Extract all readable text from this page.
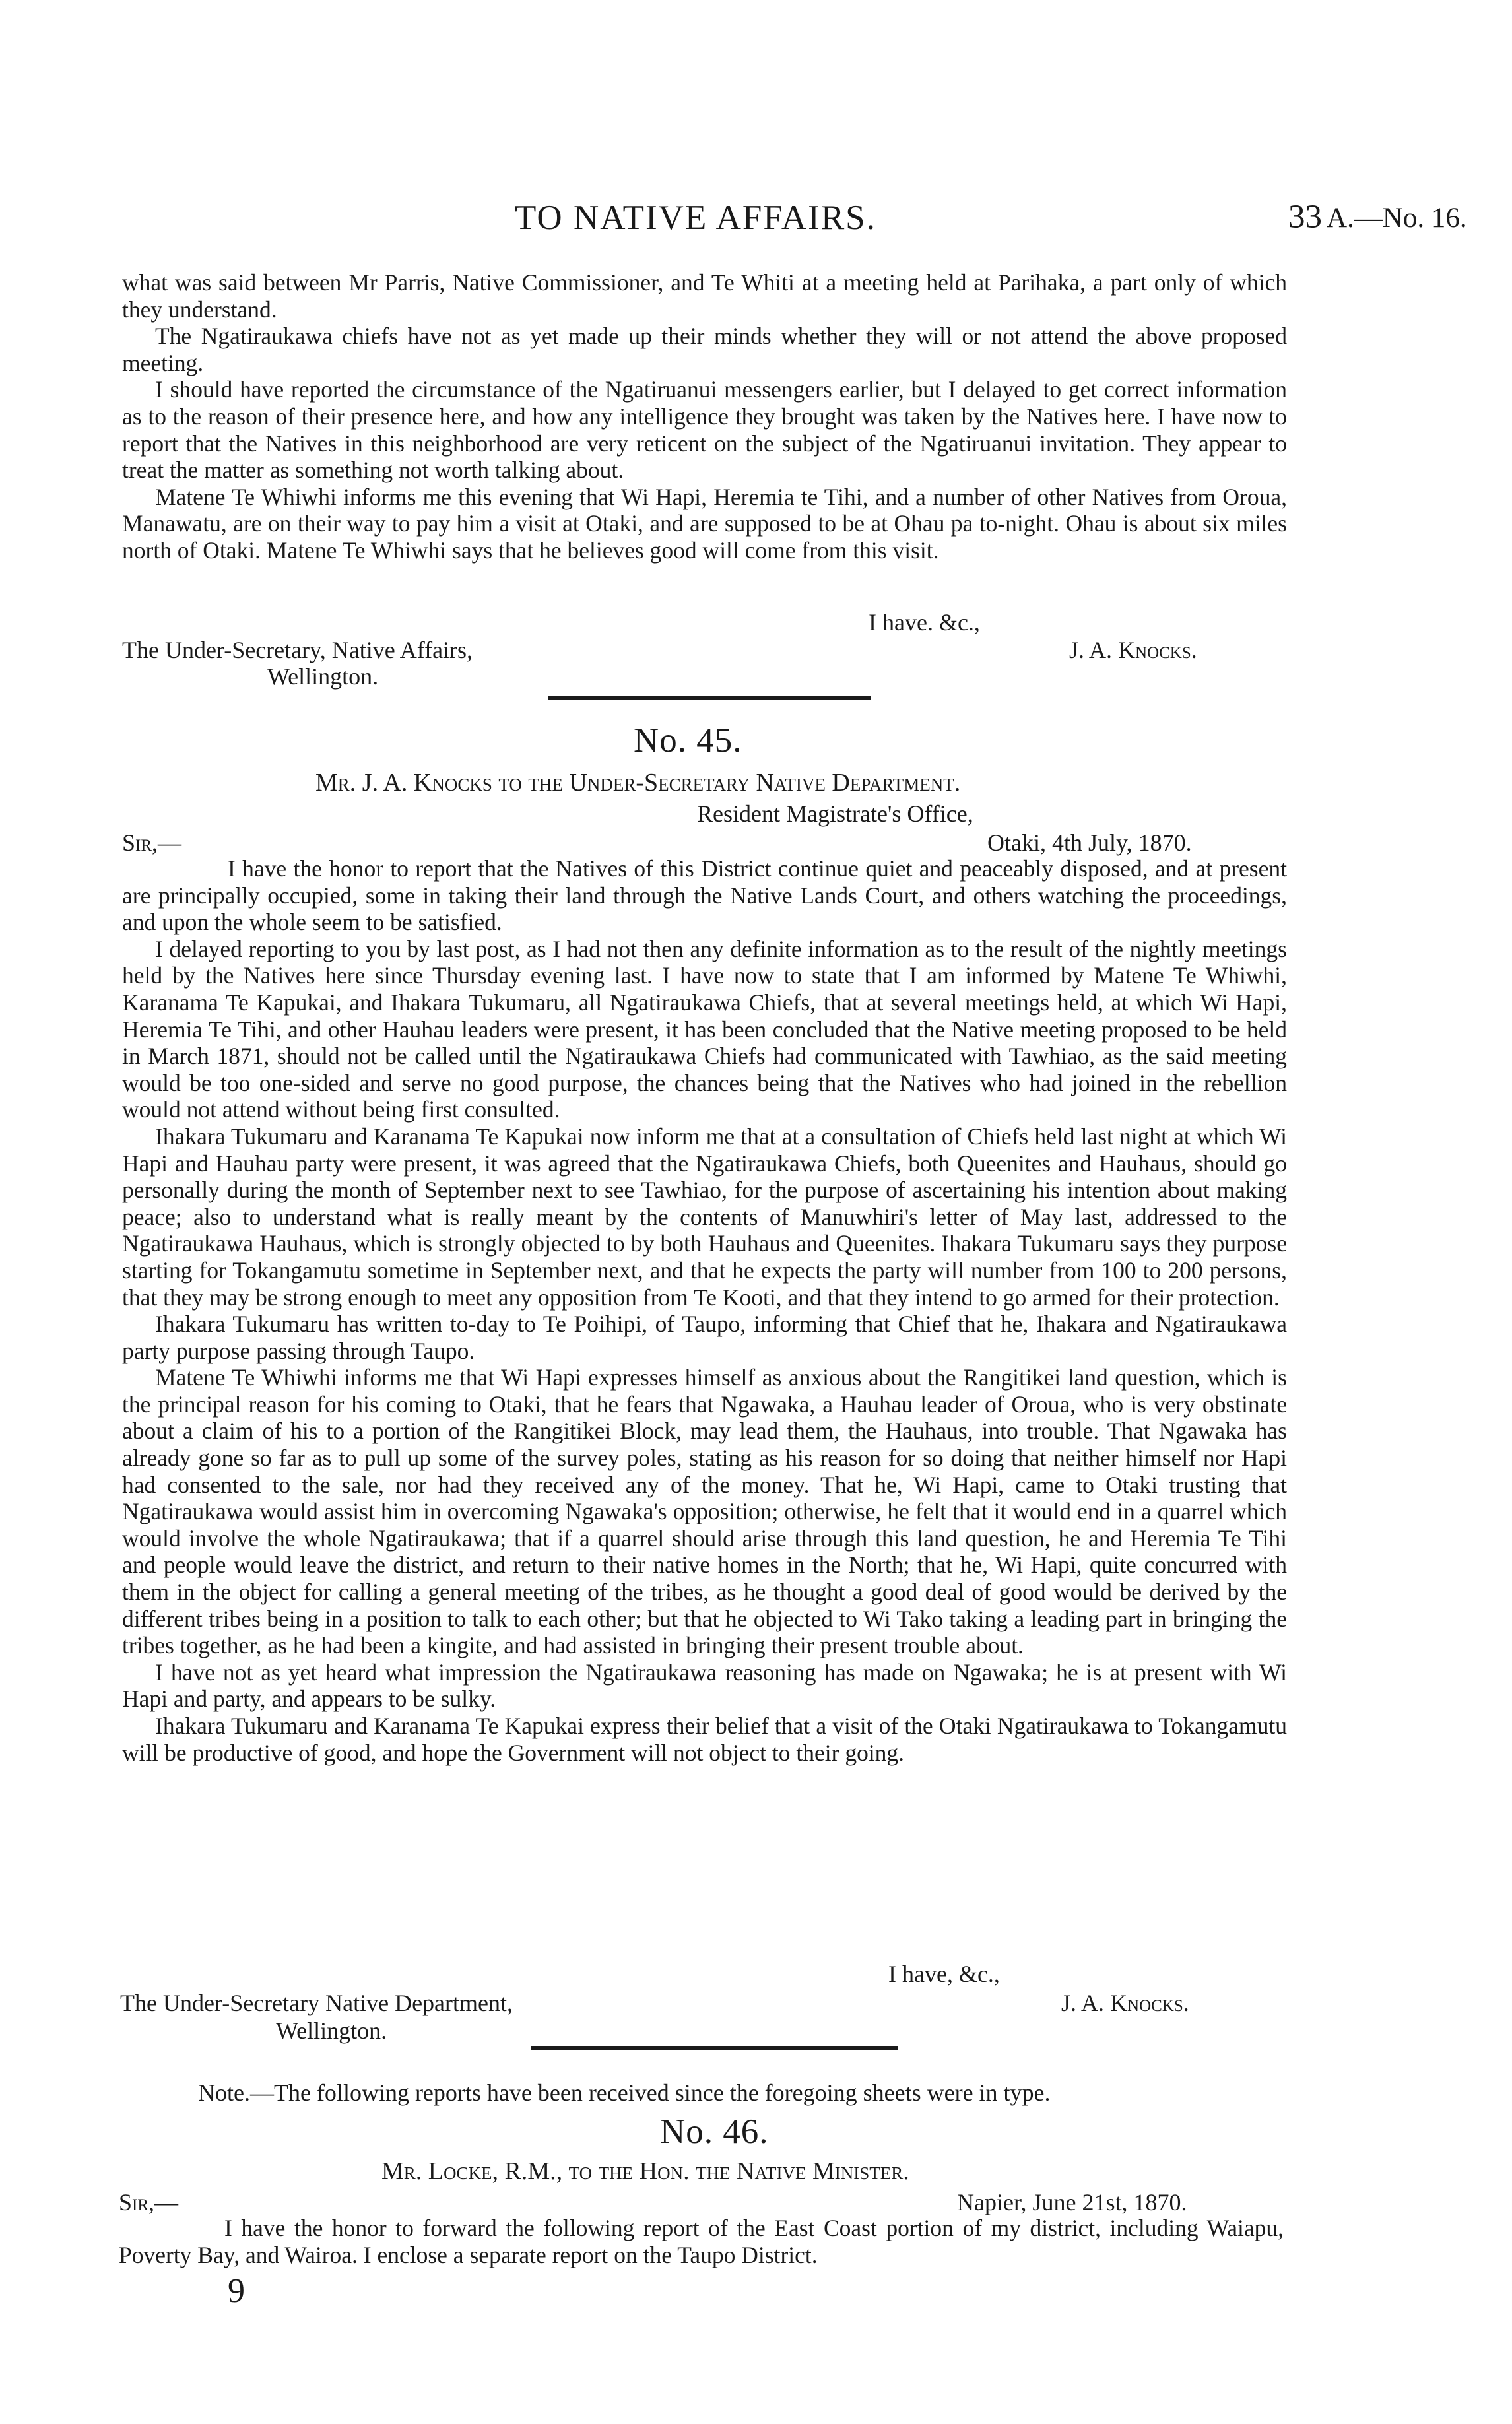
TO NATIVE AFFAIRS.	33 A.—No. 16.

what was said between Mr Parris, Native Commissioner, and Te Whiti at a meeting held at Parihaka, a part only of which they understand.

The Ngatiraukawa chiefs have not as yet made up their minds whether they will or not attend the above proposed meeting.

I should have reported the circumstance of the Ngatiruanui messengers earlier, but I delayed to get correct information as to the reason of their presence here, and how any intelligence they brought was taken by the Natives here. I have now to report that the Natives in this neighborhood are very reticent on the subject of the Ngatiruanui invitation. They appear to treat the matter as something not worth talking about.

Matene Te Whiwhi informs me this evening that Wi Hapi, Heremia te Tihi, and a number of other Natives from Oroua, Manawatu, are on their way to pay him a visit at Otaki, and are supposed to be at Ohau pa to-night. Ohau is about six miles north of Otaki. Matene Te Whiwhi says that he believes good will come from this visit.

I have. &c.,
The Under-Secretary, Native Affairs,	J. A. Knocks.
Wellington.
No. 45.
Mr. J. A. Knocks to the Under-Secretary Native Department.
Resident Magistrate's Office,
Sir,—	Otaki, 4th July, 1870.

I have the honor to report that the Natives of this District continue quiet and peaceably disposed, and at present are principally occupied, some in taking their land through the Native Lands Court, and others watching the proceedings, and upon the whole seem to be satisfied.

I delayed reporting to you by last post, as I had not then any definite information as to the result of the nightly meetings held by the Natives here since Thursday evening last. I have now to state that I am informed by Matene Te Whiwhi, Karanama Te Kapukai, and Ihakara Tukumaru, all Ngatiraukawa Chiefs, that at several meetings held, at which Wi Hapi, Heremia Te Tihi, and other Hauhau leaders were present, it has been concluded that the Native meeting proposed to be held in March 1871, should not be called until the Ngatiraukawa Chiefs had communicated with Tawhiao, as the said meeting would be too one-sided and serve no good purpose, the chances being that the Natives who had joined in the rebellion would not attend without being first consulted.

Ihakara Tukumaru and Karanama Te Kapukai now inform me that at a consultation of Chiefs held last night at which Wi Hapi and Hauhau party were present, it was agreed that the Ngatiraukawa Chiefs, both Queenites and Hauhaus, should go personally during the month of September next to see Tawhiao, for the purpose of ascertaining his intention about making peace; also to understand what is really meant by the contents of Manuwhiri's letter of May last, addressed to the Ngatiraukawa Hauhaus, which is strongly objected to by both Hauhaus and Queenites. Ihakara Tukumaru says they purpose starting for Tokangamutu sometime in September next, and that he expects the party will number from 100 to 200 persons, that they may be strong enough to meet any opposition from Te Kooti, and that they intend to go armed for their protection.

Ihakara Tukumaru has written to-day to Te Poihipi, of Taupo, informing that Chief that he, Ihakara and Ngatiraukawa party purpose passing through Taupo.

Matene Te Whiwhi informs me that Wi Hapi expresses himself as anxious about the Rangitikei land question, which is the principal reason for his coming to Otaki, that he fears that Ngawaka, a Hauhau leader of Oroua, who is very obstinate about a claim of his to a portion of the Rangitikei Block, may lead them, the Hauhaus, into trouble. That Ngawaka has already gone so far as to pull up some of the survey poles, stating as his reason for so doing that neither himself nor Hapi had consented to the sale, nor had they received any of the money. That he, Wi Hapi, came to Otaki trusting that Ngatiraukawa would assist him in overcoming Ngawaka's opposition; otherwise, he felt that it would end in a quarrel which would involve the whole Ngatiraukawa; that if a quarrel should arise through this land question, he and Heremia Te Tihi and people would leave the district, and return to their native homes in the North; that he, Wi Hapi, quite concurred with them in the object for calling a general meeting of the tribes, as he thought a good deal of good would be derived by the different tribes being in a position to talk to each other; but that he objected to Wi Tako taking a leading part in bringing the tribes together, as he had been a kingite, and had assisted in bringing their present trouble about.

I have not as yet heard what impression the Ngatiraukawa reasoning has made on Ngawaka; he is at present with Wi Hapi and party, and appears to be sulky.

Ihakara Tukumaru and Karanama Te Kapukai express their belief that a visit of the Otaki Ngatiraukawa to Tokangamutu will be productive of good, and hope the Government will not object to their going.

I have, &c.,
The Under-Secretary Native Department,	J. A. Knocks.
Wellington.
Note.—The following reports have been received since the foregoing sheets were in type.
No. 46.
Mr. Locke, R.M., to the Hon. the Native Minister.
Sir,—	Napier, June 21st, 1870.

I have the honor to forward the following report of the East Coast portion of my district, including Waiapu, Poverty Bay, and Wairoa. I enclose a separate report on the Taupo District.

9
